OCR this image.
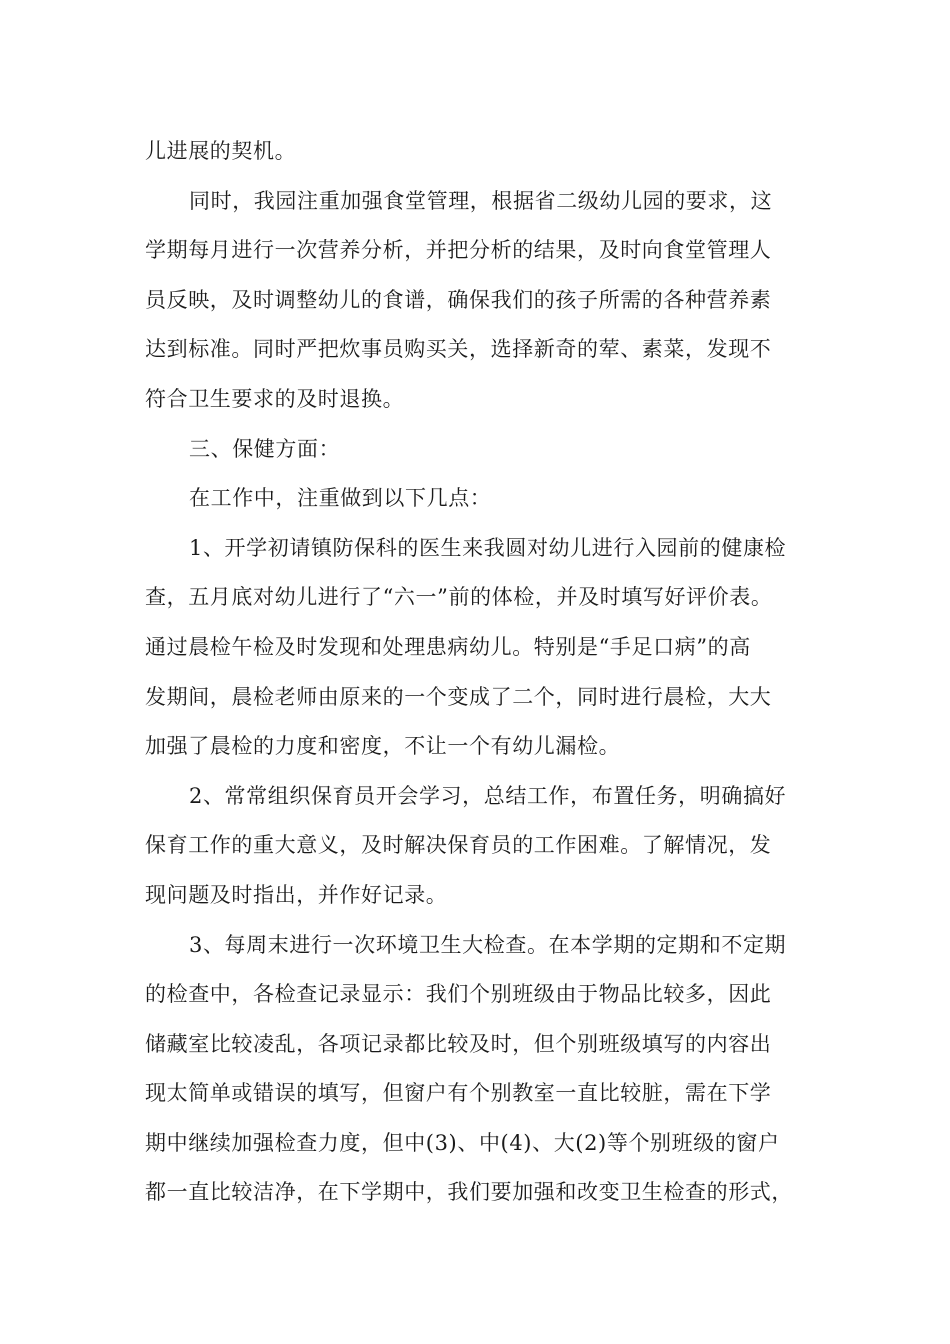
儿进展的契机。
同时，我园注重加强食堂管理，根据省二级幼儿园的要求，这
学期每月进行一次营养分析，并把分析的结果，及时向食堂管理人
员反映，及时调整幼儿的食谱，确保我们的孩子所需的各种营养素
达到标准。同时严把炊事员购买关，选择新奇的荤、素菜，发现不
符合卫生要求的及时退换。
三、保健方面：
在工作中，注重做到以下几点：
1、开学初请镇防保科的医生来我圆对幼儿进行入园前的健康检
查，五月底对幼儿进行了“六一”前的体检，并及时填写好评价表。
通过晨检午检及时发现和处理患病幼儿。特别是“手足口病”的高
发期间，晨检老师由原来的一个变成了二个，同时进行晨检，大大
加强了晨检的力度和密度，不让一个有幼儿漏检。
2、常常组织保育员开会学习，总结工作，布置任务，明确搞好
保育工作的重大意义，及时解决保育员的工作困难。了解情况，发
现问题及时指出，并作好记录。
3、每周末进行一次环境卫生大检查。在本学期的定期和不定期
的检查中，各检查记录显示：我们个别班级由于物品比较多，因此
储藏室比较凌乱，各项记录都比较及时，但个别班级填写的内容出
现太简单或错误的填写，但窗户有个别教室一直比较脏，需在下学
期中继续加强检查力度，但中(3)、中(4)、大(2)等个别班级的窗户
都一直比较洁净，在下学期中，我们要加强和改变卫生检查的形式，
